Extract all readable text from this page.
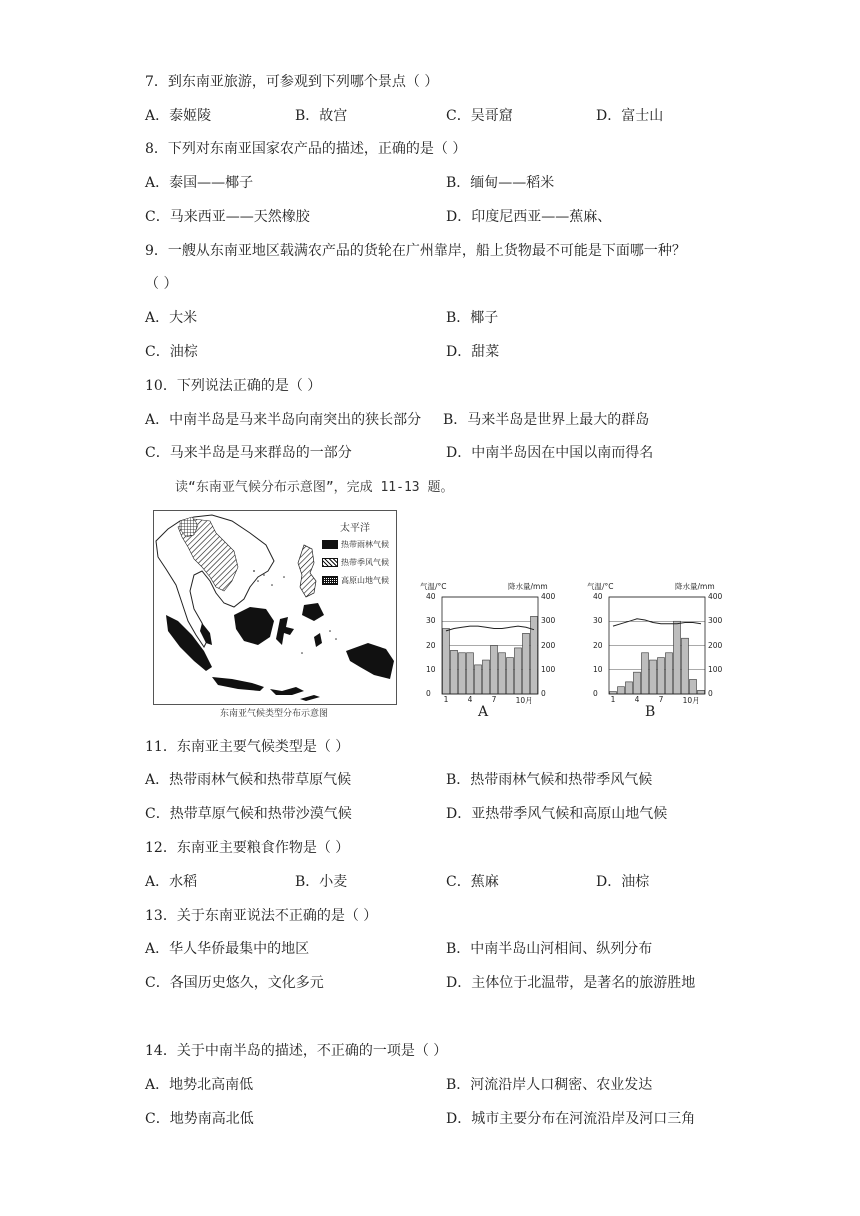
7．到东南亚旅游，可参观到下列哪个景点（ ）
A．泰姬陵	B．故宫	C．吴哥窟	D．富士山
8．下列对东南亚国家农产品的描述，正确的是（ ）
A．泰国——椰子	B．缅甸——稻米
C．马来西亚——天然橡胶	D．印度尼西亚——蕉麻、
9．一艘从东南亚地区载满农产品的货轮在广州靠岸，船上货物最不可能是下面哪一种？
（ ）
A．大米	B．椰子
C．油棕	D．甜菜
10．下列说法正确的是（ ）
A．中南半岛是马来半岛向南突出的狭长部分 B．马来半岛是世界上最大的群岛
C．马来半岛是马来群岛的一部分	D．中南半岛因在中国以南而得名
读“东南亚气候分布示意图”，完成 11-13 题。
太平洋
热带雨林气候
热带季风气候
高原山地气候
东南亚气候类型分布示意图
气温/°C	降水量/mm
0
10
20
30
40
0
100
200
300
400
1	4	7	10月
A
气温/°C	降水量/mm
0
10
20
30
40
0
100
200
300
400
1	4	7	10月
B
11．东南亚主要气候类型是（ ）
A．热带雨林气候和热带草原气候	B．热带雨林气候和热带季风气候
C．热带草原气候和热带沙漠气候	D．亚热带季风气候和高原山地气候
12．东南亚主要粮食作物是（ ）
A．水稻	B．小麦	C．蕉麻	D．油棕
13．关于东南亚说法不正确的是（ ）
A．华人华侨最集中的地区	B．中南半岛山河相间、纵列分布
C．各国历史悠久，文化多元	D．主体位于北温带，是著名的旅游胜地
14．关于中南半岛的描述，不正确的一项是（ ）
A．地势北高南低	B．河流沿岸人口稠密、农业发达
C．地势南高北低	D．城市主要分布在河流沿岸及河口三角
